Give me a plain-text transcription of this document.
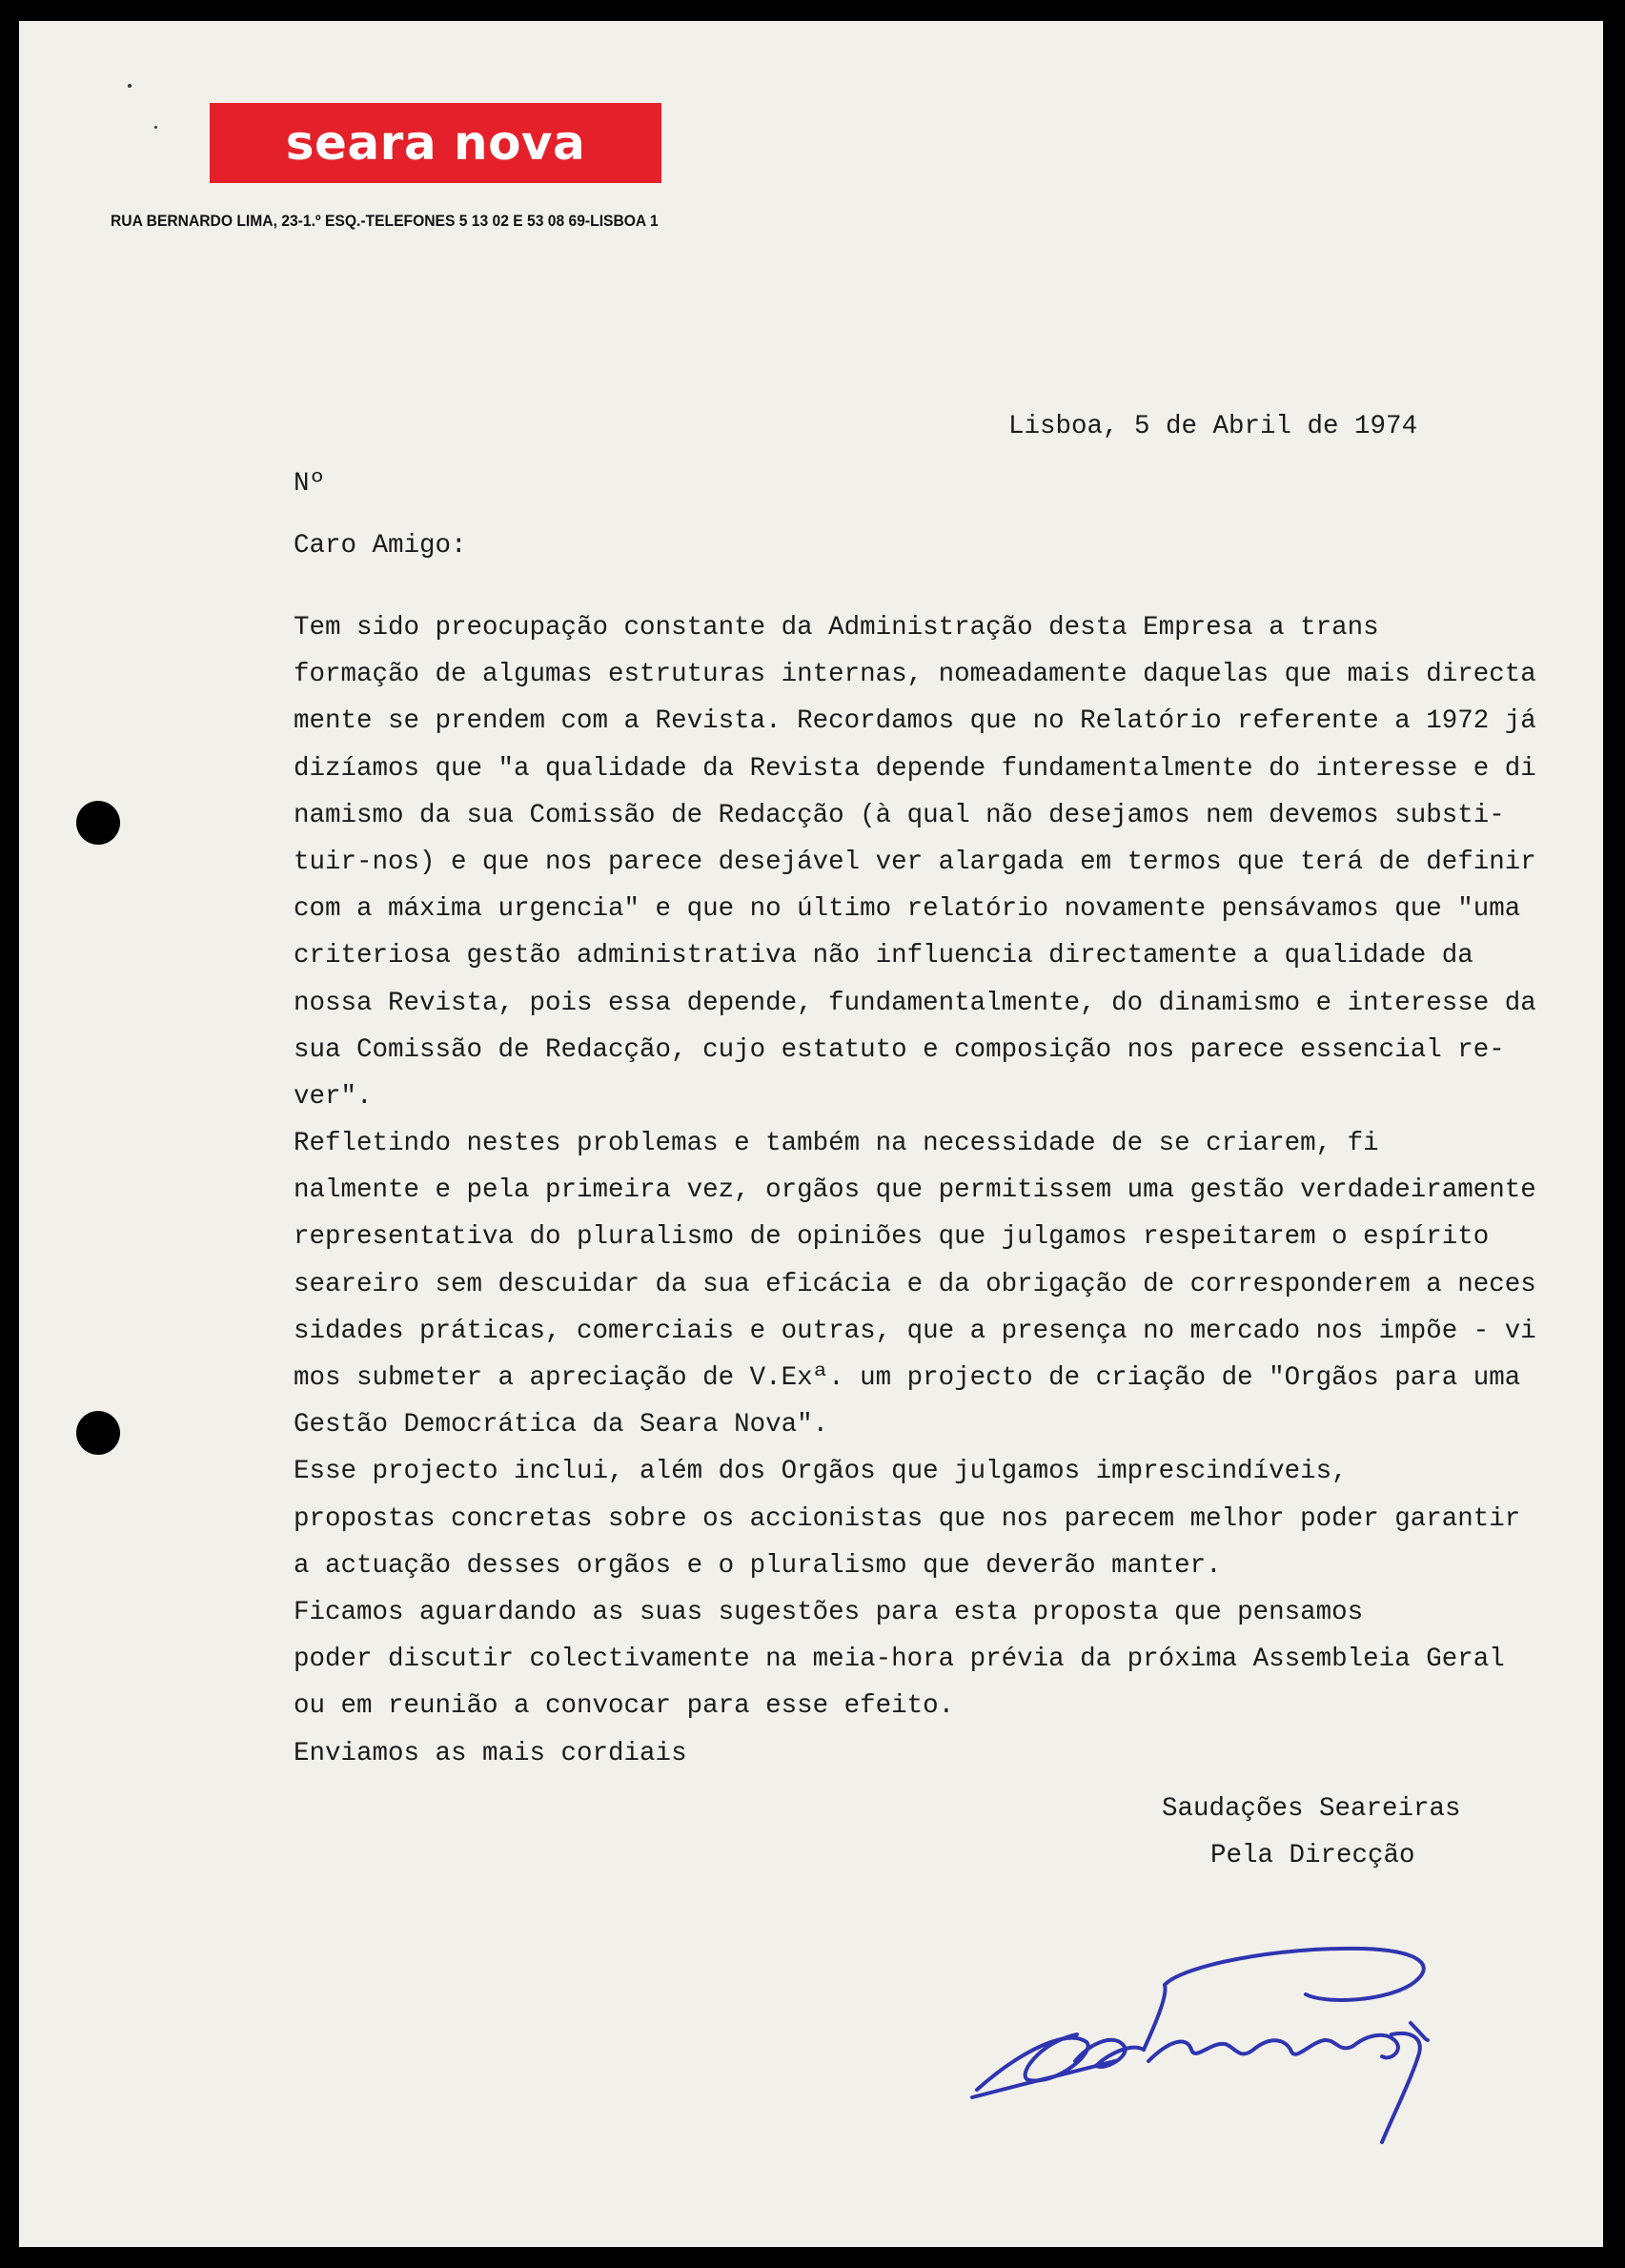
seara nova
RUA BERNARDO LIMA, 23-1.º ESQ.-TELEFONES 5 13 02 E 53 08 69-LISBOA 1
Lisboa, 5 de Abril de 1974
Nº
Caro Amigo:
Tem sido preocupação constante da Administração desta Empresa a trans
formação de algumas estruturas internas, nomeadamente daquelas que mais directa
mente se prendem com a Revista. Recordamos que no Relatório referente a 1972 já
dizíamos que "a qualidade da Revista depende fundamentalmente do interesse e di
namismo da sua Comissão de Redacção (à qual não desejamos nem devemos substi-
tuir-nos) e que nos parece desejável ver alargada em termos que terá de definir
com a máxima urgencia" e que no último relatório novamente pensávamos que "uma
criteriosa gestão administrativa não influencia directamente a qualidade da
nossa Revista, pois essa depende, fundamentalmente, do dinamismo e interesse da
sua Comissão de Redacção, cujo estatuto e composição nos parece essencial re-
ver".
Refletindo nestes problemas e também na necessidade de se criarem, fi
nalmente e pela primeira vez, orgãos que permitissem uma gestão verdadeiramente
representativa do pluralismo de opiniões que julgamos respeitarem o espírito
seareiro sem descuidar da sua eficácia e da obrigação de corresponderem a neces
sidades práticas, comerciais e outras, que a presença no mercado nos impõe - vi
mos submeter a apreciação de V.Exª. um projecto de criação de "Orgãos para uma
Gestão Democrática da Seara Nova".
Esse projecto inclui, além dos Orgãos que julgamos imprescindíveis,
propostas concretas sobre os accionistas que nos parecem melhor poder garantir
a actuação desses orgãos e o pluralismo que deverão manter.
Ficamos aguardando as suas sugestões para esta proposta que pensamos
poder discutir colectivamente na meia-hora prévia da próxima Assembleia Geral
ou em reunião a convocar para esse efeito.
Enviamos as mais cordiais
Saudações Seareiras
Pela Direcção
